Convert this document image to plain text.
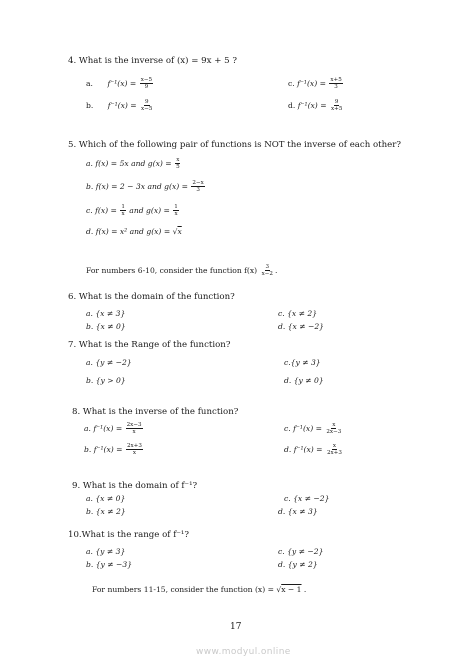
4. What is the inverse of (x) = 9x + 5 ?
a. $f^{-1}(x) = \frac{x-5}{9}$
b. $f^{-1}(x) = \frac{9}{x-5}$
c. $f^{-1}(x) = \frac{x+5}{3}$
d. $f^{-1}(x) = \frac{9}{x+5}$
5. Which of the following pair of functions is NOT the inverse of each other?
a. f(x) = 5x and $g(x) = \frac{x}{5}$
b. f(x) = 2 − 3x and $g(x) = \frac{2-x}{3}$
c. $f(x) = \frac{1}{x}$ and $g(x) = \frac{1}{x}$
d. f(x) = x² and g(x) = √x
For numbers 6-10, consider the function $f(x) \frac{3}{x-2}$ .
6. What is the domain of the function?
a. {x ≠ 3}
b. {x ≠ 0}
c. {x ≠ 2}
d. {x ≠ −2}
7. What is the Range of the function?
a. {y ≠ −2}
b. {y > 0}
c.{y ≠ 3}
d. {y ≠ 0}
8. What is the inverse of the function?
a. $f^{-1}(x) = \frac{2x-3}{x}$
b. $f^{-1}(x) = \frac{2x+3}{x}$
c. $f^{-1}(x) = \frac{x}{2x-3}$
d. $f^{-1}(x) = \frac{x}{2x+3}$
9. What is the domain of f⁻¹?
a. {x ≠ 0}
b. {x ≠ 2}
c. {x ≠ −2}
d. {x ≠ 3}
10.What is the range of f⁻¹?
a. {y ≠ 3}
b. {y ≠ −3}
c. {y ≠ −2}
d. {y ≠ 2}
For numbers 11-15, consider the function (x) = √x − 1 .
17
www.modyul.online
